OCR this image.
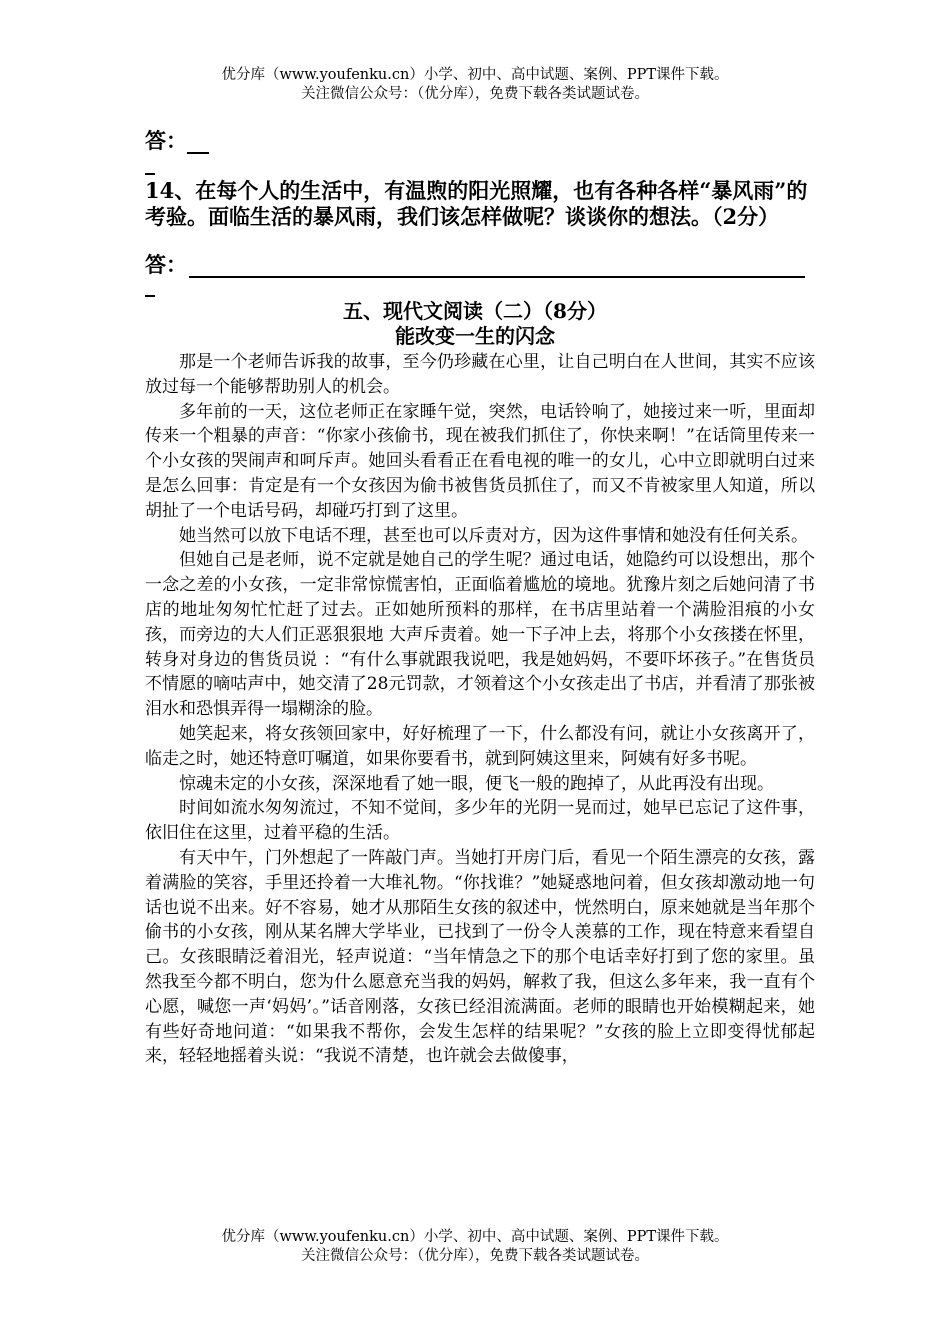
优分库（www.youfenku.cn）小学、初中、高中试题、案例、PPT课件下载。
关注微信公众号：（优分库），免费下载各类试题试卷。
答：
14、在每个人的生活中，有温煦的阳光照耀，也有各种各样“暴风雨”的考验。面临生活的暴风雨，我们该怎样做呢？谈谈你的想法。（2分）
答：
五、现代文阅读（二）（8分）
能改变一生的闪念

那是一个老师告诉我的故事，至今仍珍藏在心里，让自己明白在人世间，其实不应该放过每一个能够帮助别人的机会。

多年前的一天，这位老师正在家睡午觉，突然，电话铃响了，她接过来一听，里面却传来一个粗暴的声音：“你家小孩偷书，现在被我们抓住了，你快来啊！”在话筒里传来一个小女孩的哭闹声和呵斥声。她回头看看正在看电视的唯一的女儿，心中立即就明白过来是怎么回事：肯定是有一个女孩因为偷书被售货员抓住了，而又不肯被家里人知道，所以胡扯了一个电话号码，却碰巧打到了这里。

她当然可以放下电话不理，甚至也可以斥责对方，因为这件事情和她没有任何关系。

但她自己是老师，说不定就是她自己的学生呢？通过电话，她隐约可以设想出，那个一念之差的小女孩，一定非常惊慌害怕，正面临着尴尬的境地。犹豫片刻之后她问清了书店的地址匆匆忙忙赶了过去。正如她所预料的那样，在书店里站着一个满脸泪痕的小女孩，而旁边的大人们正恶狠狠地 大声斥责着。她一下子冲上去，将那个小女孩搂在怀里，转身对身边的售货员说 ：“有什么事就跟我说吧，我是她妈妈，不要吓坏孩子。”在售货员不情愿的嘀咕声中，她交清了28元罚款，才领着这个小女孩走出了书店，并看清了那张被泪水和恐惧弄得一塌糊涂的脸。

她笑起来，将女孩领回家中，好好梳理了一下，什么都没有问，就让小女孩离开了，临走之时，她还特意叮嘱道，如果你要看书，就到阿姨这里来，阿姨有好多书呢。

惊魂未定的小女孩，深深地看了她一眼，便飞一般的跑掉了，从此再没有出现。

时间如流水匆匆流过，不知不觉间，多少年的光阴一晃而过，她早已忘记了这件事，依旧住在这里，过着平稳的生活。

有天中午，门外想起了一阵敲门声。当她打开房门后，看见一个陌生漂亮的女孩，露着满脸的笑容，手里还拎着一大堆礼物。“你找谁？”她疑惑地问着，但女孩却激动地一句话也说不出来。好不容易，她才从那陌生女孩的叙述中，恍然明白，原来她就是当年那个偷书的小女孩，刚从某名牌大学毕业，已找到了一份令人羡慕的工作，现在特意来看望自己。女孩眼睛泛着泪光，轻声说道：“当年情急之下的那个电话幸好打到了您的家里。虽然我至今都不明白，您为什么愿意充当我的妈妈，解救了我，但这么多年来，我一直有个心愿，喊您一声‘妈妈’。”话音刚落，女孩已经泪流满面。老师的眼睛也开始模糊起来，她有些好奇地问道：“如果我不帮你，会发生怎样的结果呢？”女孩的脸上立即变得忧郁起来，轻轻地摇着头说：“我说不清楚，也许就会去做傻事，

优分库（www.youfenku.cn）小学、初中、高中试题、案例、PPT课件下载。
关注微信公众号：（优分库），免费下载各类试题试卷。
